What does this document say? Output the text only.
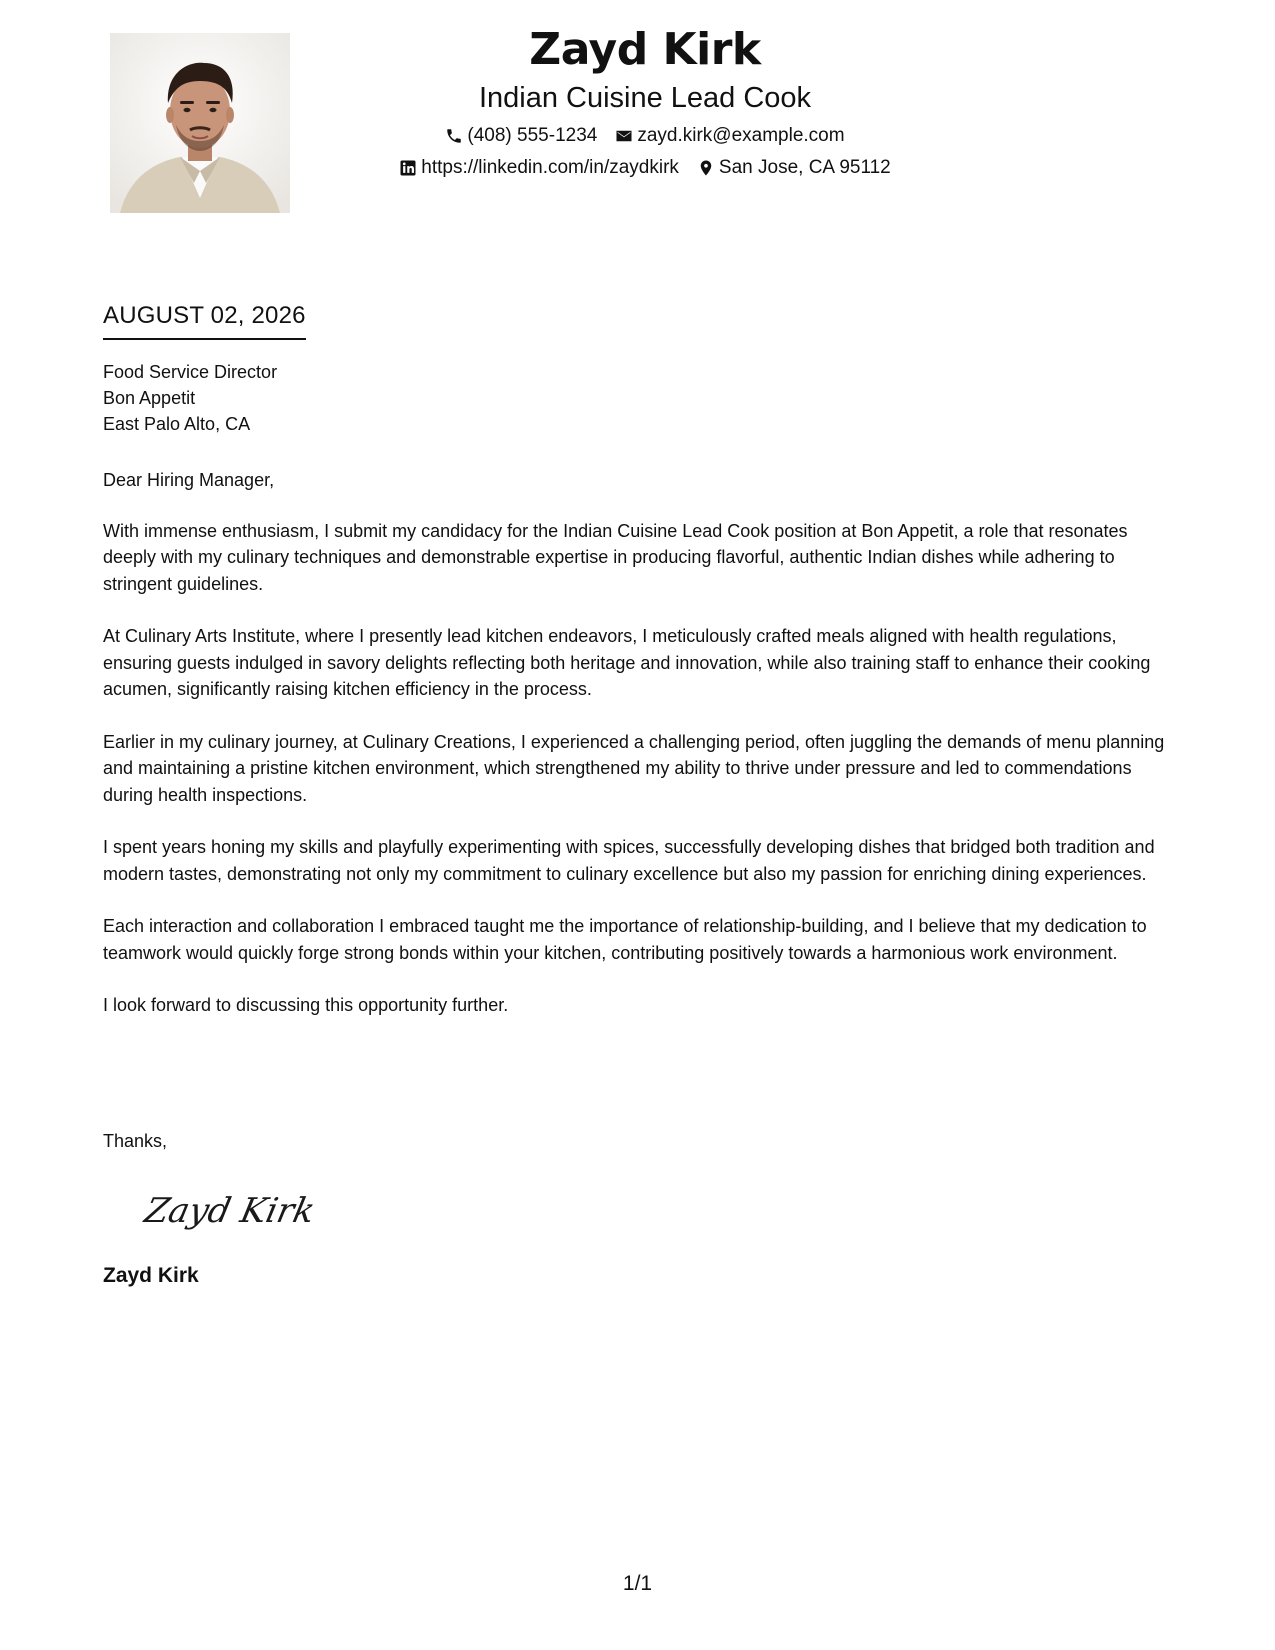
Zayd Kirk
Indian Cuisine Lead Cook
(408) 555-1234 zayd.kirk@example.com
https://linkedin.com/in/zaydkirk San Jose, CA 95112
AUGUST 02, 2026
Food Service Director
Bon Appetit
East Palo Alto, CA

Dear Hiring Manager,

With immense enthusiasm, I submit my candidacy for the Indian Cuisine Lead Cook position at Bon Appetit, a role that resonates deeply with my culinary techniques and demonstrable expertise in producing flavorful, authentic Indian dishes while adhering to stringent guidelines.

At Culinary Arts Institute, where I presently lead kitchen endeavors, I meticulously crafted meals aligned with health regulations, ensuring guests indulged in savory delights reflecting both heritage and innovation, while also training staff to enhance their cooking acumen, significantly raising kitchen efficiency in the process.

Earlier in my culinary journey, at Culinary Creations, I experienced a challenging period, often juggling the demands of menu planning and maintaining a pristine kitchen environment, which strengthened my ability to thrive under pressure and led to commendations during health inspections.

I spent years honing my skills and playfully experimenting with spices, successfully developing dishes that bridged both tradition and modern tastes, demonstrating not only my commitment to culinary excellence but also my passion for enriching dining experiences.

Each interaction and collaboration I embraced taught me the importance of relationship-building, and I believe that my dedication to teamwork would quickly forge strong bonds within your kitchen, contributing positively towards a harmonious work environment.

I look forward to discussing this opportunity further.

Thanks,
Zayd Kirk
Zayd Kirk
1/1
